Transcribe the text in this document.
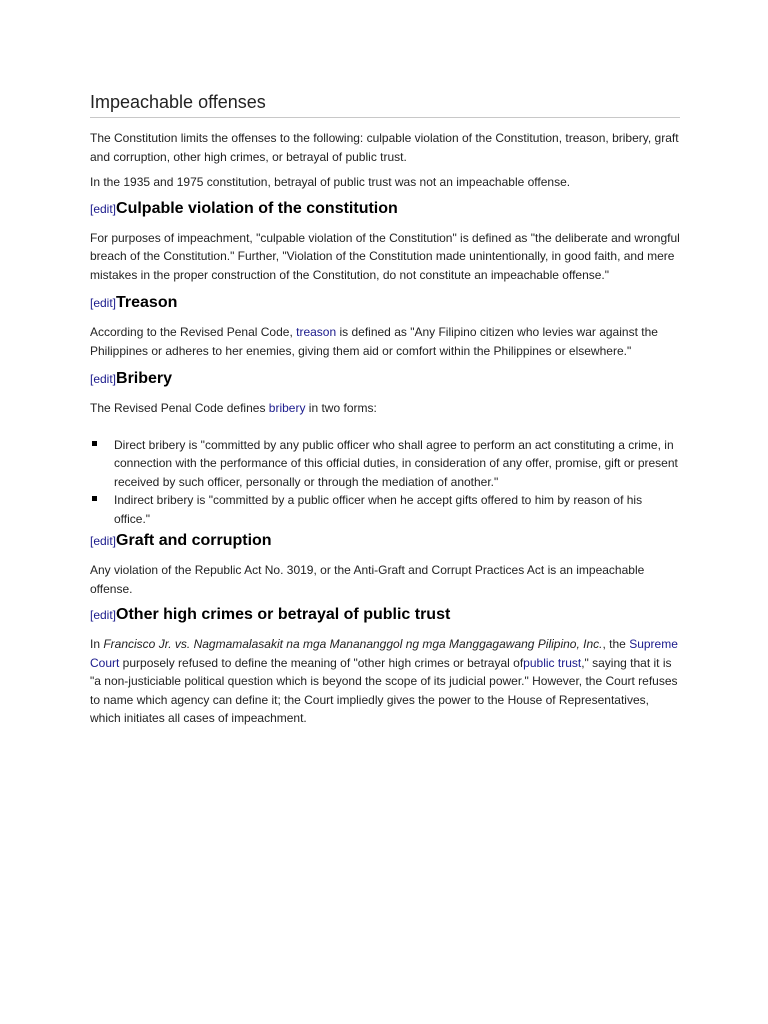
Impeachable offenses

The Constitution limits the offenses to the following: culpable violation of the Constitution, treason, bribery, graft and corruption, other high crimes, or betrayal of public trust.

In the 1935 and 1975 constitution, betrayal of public trust was not an impeachable offense.

[edit]Culpable violation of the constitution

For purposes of impeachment, "culpable violation of the Constitution" is defined as "the deliberate and wrongful breach of the Constitution." Further, "Violation of the Constitution made unintentionally, in good faith, and mere mistakes in the proper construction of the Constitution, do not constitute an impeachable offense."

[edit]Treason

According to the Revised Penal Code, treason is defined as "Any Filipino citizen who levies war against the Philippines or adheres to her enemies, giving them aid or comfort within the Philippines or elsewhere."

[edit]Bribery

The Revised Penal Code defines bribery in two forms:

Direct bribery is "committed by any public officer who shall agree to perform an act constituting a crime, in connection with the performance of this official duties, in consideration of any offer, promise, gift or present received by such officer, personally or through the mediation of another."
Indirect bribery is "committed by a public officer when he accept gifts offered to him by reason of his office."
[edit]Graft and corruption

Any violation of the Republic Act No. 3019, or the Anti-Graft and Corrupt Practices Act is an impeachable offense.

[edit]Other high crimes or betrayal of public trust

In Francisco Jr. vs. Nagmamalasakit na mga Manananggol ng mga Manggagawang Pilipino, Inc., the Supreme Court purposely refused to define the meaning of "other high crimes or betrayal ofpublic trust," saying that it is "a non-justiciable political question which is beyond the scope of its judicial power." However, the Court refuses to name which agency can define it; the Court impliedly gives the power to the House of Representatives, which initiates all cases of impeachment.
